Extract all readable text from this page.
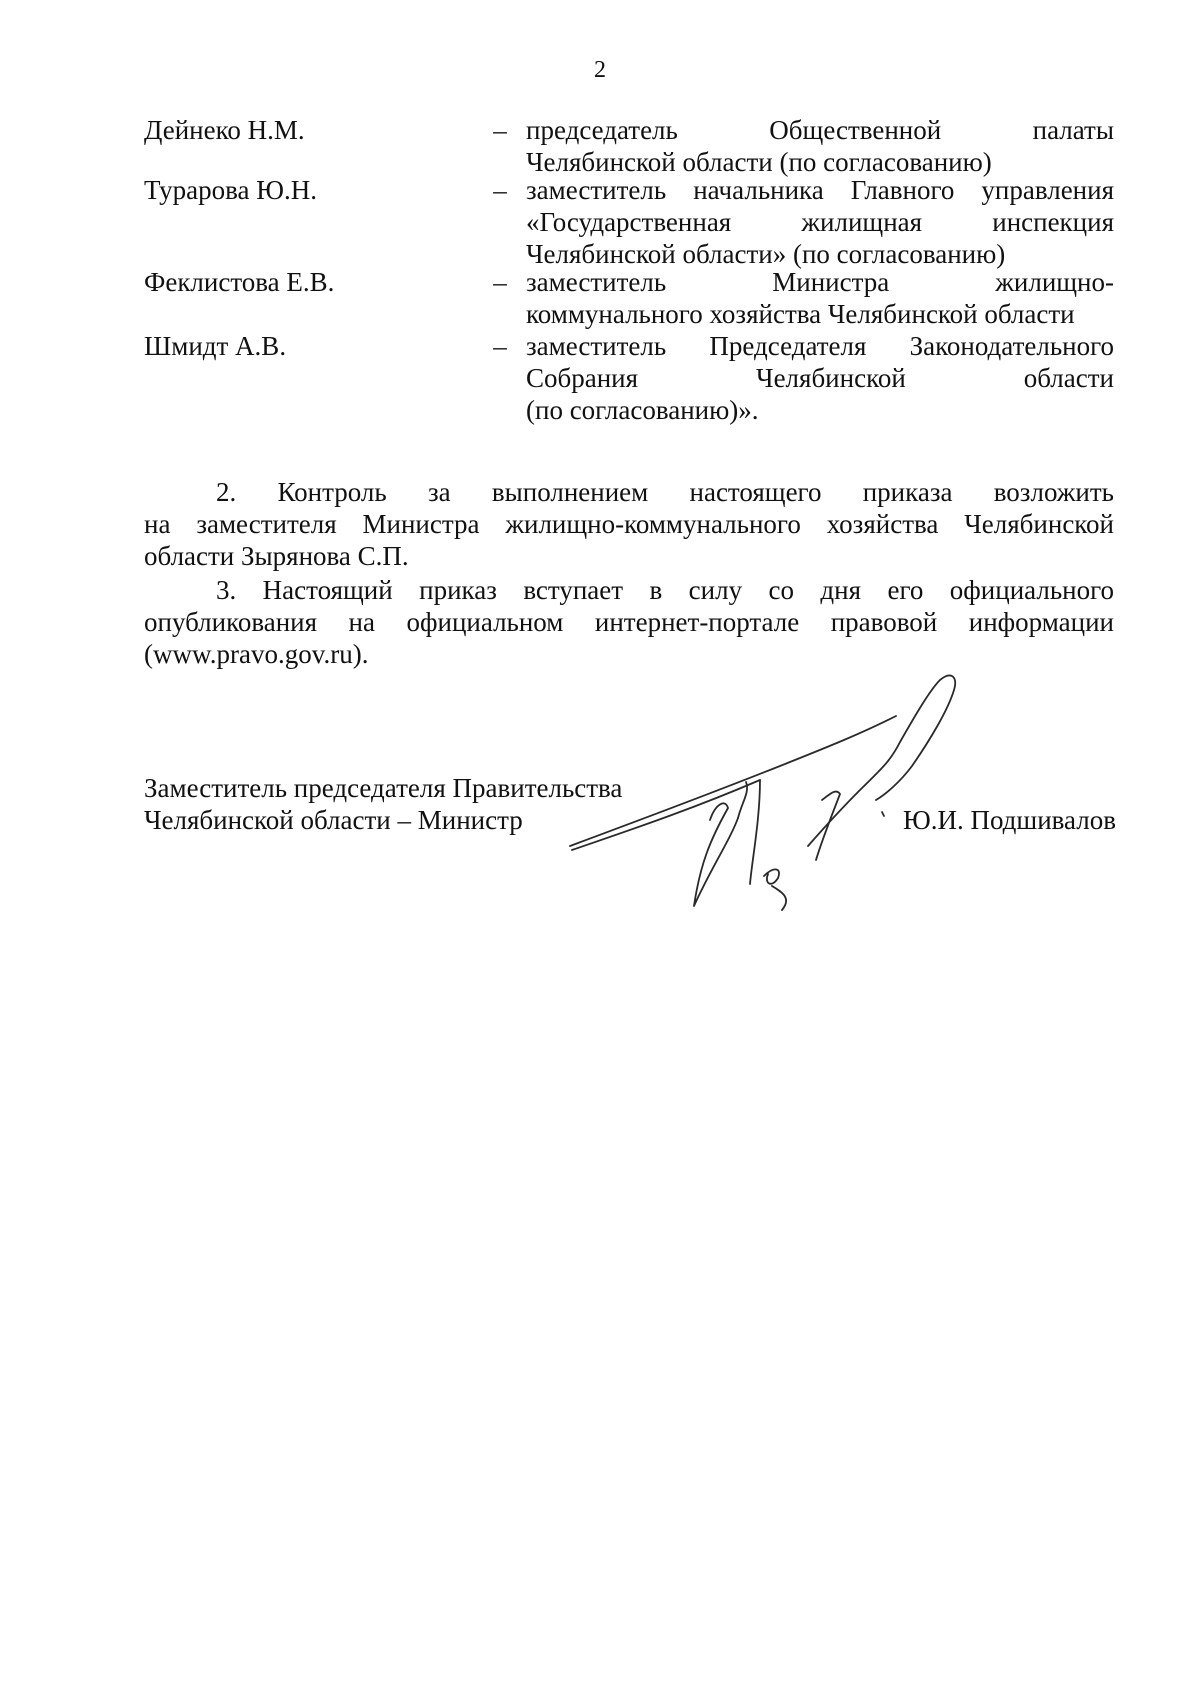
2
Дейнеко Н.М.	– председатель Общественной палаты
Челябинской области (по согласованию)
Турарова Ю.Н.	– заместитель начальника Главного управления
«Государственная жилищная инспекция
Челябинской области» (по согласованию)
Феклистова Е.В.	– заместитель Министра жилищно-
коммунального хозяйства Челябинской области
Шмидт А.В.	– заместитель Председателя Законодательного
Собрания Челябинской области
(по согласованию)».
2. Контроль за выполнением настоящего приказа возложить
на заместителя Министра жилищно-коммунального хозяйства Челябинской
области Зырянова С.П.
3. Настоящий приказ вступает в силу со дня его официального
опубликования на официальном интернет-портале правовой информации
(www.pravo.gov.ru).
Заместитель председателя Правительства
Челябинской области – Министр	Ю.И. Подшивалов
